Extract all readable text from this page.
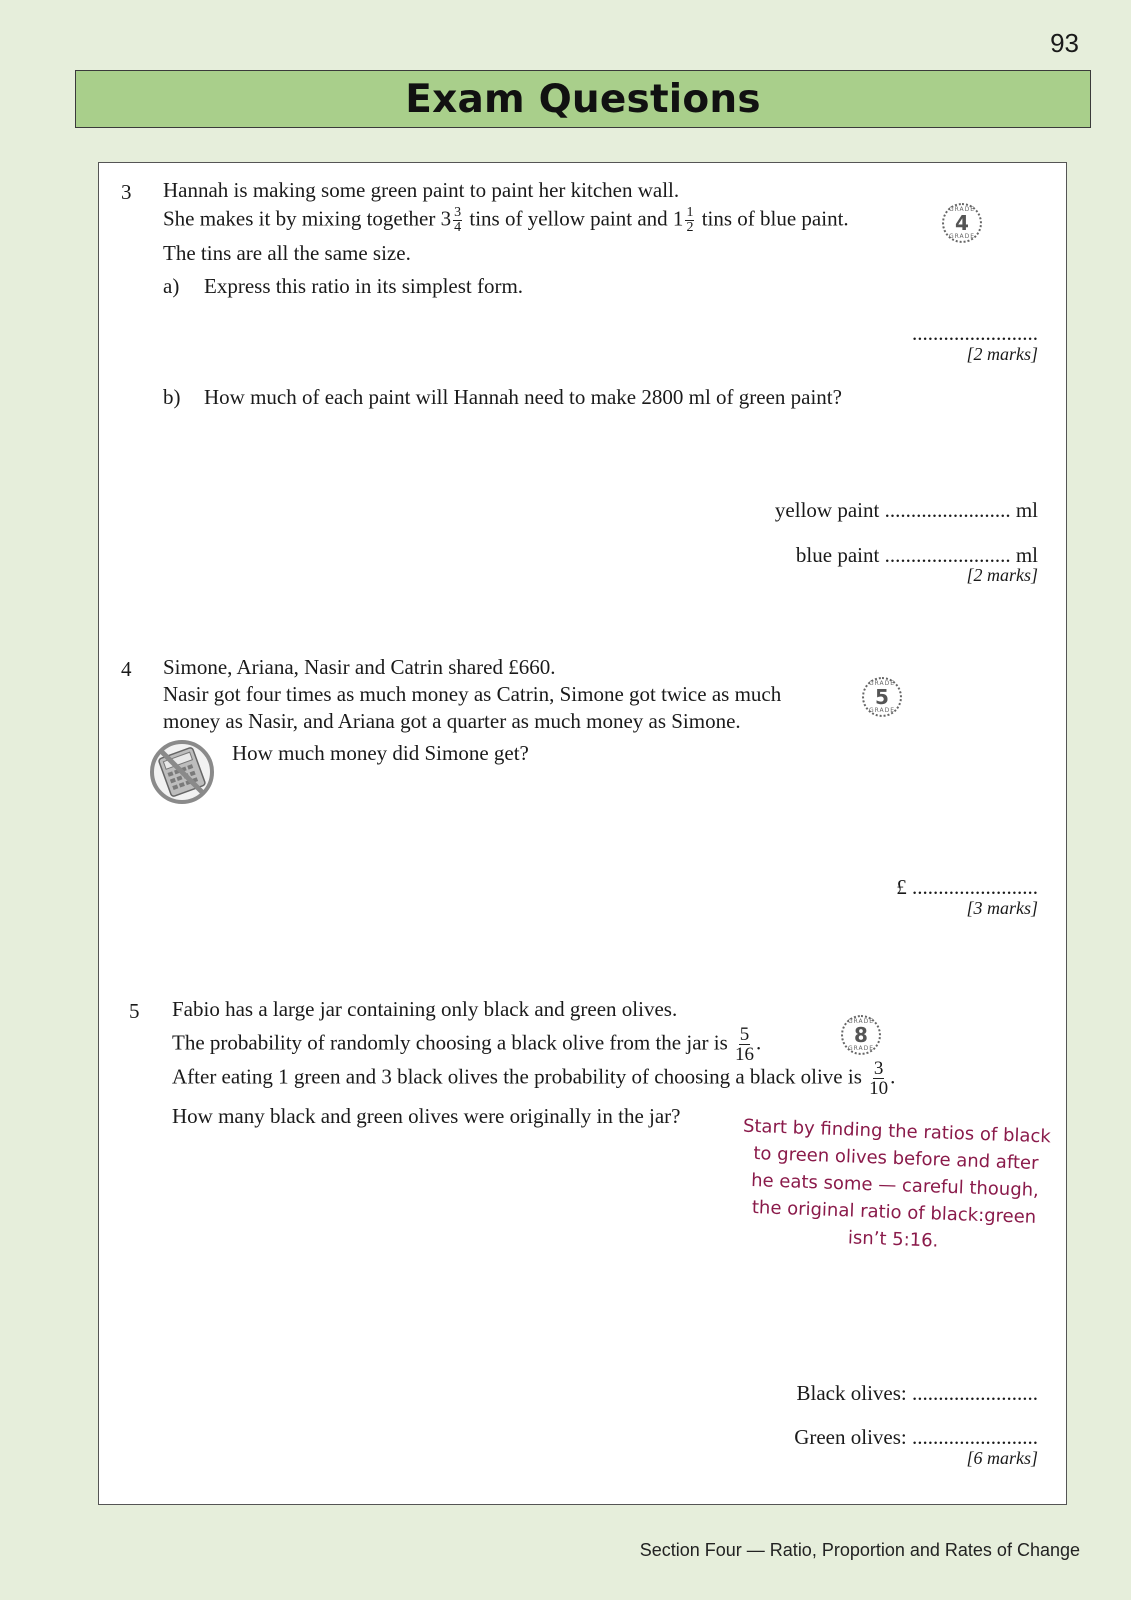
93
Exam Questions
3 Hannah is making some green paint to paint her kitchen wall.
She makes it by mixing together $3 \frac{3}{4}$ tins of yellow paint and $1 \frac{1}{2}$ tins of blue paint.
The tins are all the same size.
GRADE
4
GRADE
a) Express this ratio in its simplest form.
........................
[2 marks]
b) How much of each paint will Hannah need to make 2800 ml of green paint?
yellow paint ........................ ml
blue paint ........................ ml
[2 marks]
4 Simone, Ariana, Nasir and Catrin shared £660.
Nasir got four times as much money as Catrin, Simone got twice as much
money as Nasir, and Ariana got a quarter as much money as Simone.
How much money did Simone get?
GRADE
5
GRADE
£ ........................
[3 marks]
5 Fabio has a large jar containing only black and green olives.
The probability of randomly choosing a black olive from the jar is $\frac{5}{16}$ .
GRADE
8
GRADE
After eating 1 green and 3 black olives the probability of choosing a black olive is $\frac{3}{10}$ .
How many black and green olives were originally in the jar?
Black olives: ........................
Green olives: ........................
[6 marks]
Start by finding the ratios of black to green olives before and after he eats some — careful though, the original ratio of black:green isn’t 5:16.
Section Four — Ratio, Proportion and Rates of Change
